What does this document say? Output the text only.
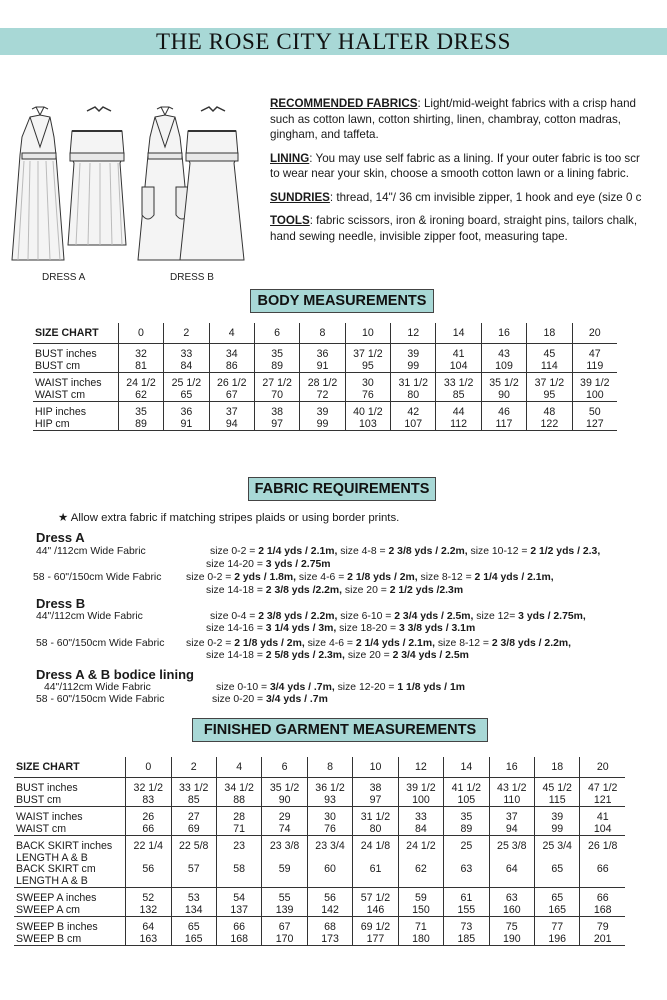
THE ROSE CITY HALTER DRESS
DRESS A	DRESS B

RECOMMENDED FABRICS: Light/mid-weight fabrics with a crisp hand
such as cotton lawn, cotton shirting, linen, chambray, cotton madras,
gingham, and taffeta.

LINING: You may use self fabric as a lining. If your outer fabric is too scr
to wear near your skin, choose a smooth cotton lawn or a lining fabric.

SUNDRIES: thread, 14"/ 36 cm invisible zipper, 1 hook and eye (size 0 c

TOOLS: fabric scissors, iron & ironing board, straight pins, tailors chalk,
hand sewing needle, invisible zipper foot, measuring tape.

BODY MEASUREMENTS
SIZE CHART	0	2	4	6	8	10	12	14	16	18	20

BUST inches	32	33	34	35	36	37 1/2	39	41	43	45	47
BUST cm	81	84	86	89	91	95	99	104	109	114	119

WAIST inches	24 1/2	25 1/2	26 1/2	27 1/2	28 1/2	30	31 1/2	33 1/2	35 1/2	37 1/2	39 1/2
WAIST cm	62	65	67	70	72	76	80	85	90	95	100

HIP inches	35	36	37	38	39	40 1/2	42	44	46	48	50
HIP cm	89	91	94	97	99	103	107	112	117	122	127
FABRIC REQUIREMENTS
★ Allow extra fabric if matching stripes plaids or using border prints.
Dress A
44" /112cm Wide Fabric	size 0-2 = 2 1/4 yds / 2.1m, size 4-8 = 2 3/8 yds / 2.2m, size 10-12 = 2 1/2 yds / 2.3,
size 14-20 = 3 yds / 2.75m
58 - 60"/150cm Wide Fabric size 0-2 = 2 yds / 1.8m, size 4-6 = 2 1/8 yds / 2m, size 8-12 = 2 1/4 yds / 2.1m,
size 14-18 = 2 3/8 yds /2.2m, size 20 = 2 1/2 yds /2.3m
Dress B
44"/112cm Wide Fabric	size 0-4 = 2 3/8 yds / 2.2m, size 6-10 = 2 3/4 yds / 2.5m, size 12= 3 yds / 2.75m,
size 14-16 = 3 1/4 yds / 3m, size 18-20 = 3 3/8 yds / 3.1m
58 - 60"/150cm Wide Fabric size 0-2 = 2 1/8 yds / 2m, size 4-6 = 2 1/4 yds / 2.1m, size 8-12 = 2 3/8 yds / 2.2m,
size 14-18 = 2 5/8 yds / 2.3m, size 20 = 2 3/4 yds / 2.5m
Dress A & B bodice lining
44"/112cm Wide Fabric	size 0-10 = 3/4 yds / .7m, size 12-20 = 1 1/8 yds / 1m
58 - 60"/150cm Wide Fabric	size 0-20 = 3/4 yds / .7m
FINISHED GARMENT MEASUREMENTS
SIZE CHART	0	2	4	6	8	10	12	14	16	18	20

BUST inches	32 1/2	33 1/2	34 1/2	35 1/2	36 1/2	38	39 1/2	41 1/2	43 1/2	45 1/2	47 1/2
BUST cm	83	85	88	90	93	97	100	105	110	115	121

WAIST inches	26	27	28	29	30	31 1/2	33	35	37	39	41
WAIST cm	66	69	71	74	76	80	84	89	94	99	104

BACK SKIRT inches	22 1/4	22 5/8	23	23 3/8	23 3/4	24 1/8	24 1/2	25	25 3/8	25 3/4	26 1/8
LENGTH A & B											
BACK SKIRT cm	56	57	58	59	60	61	62	63	64	65	66
LENGTH A & B											

SWEEP A inches	52	53	54	55	56	57 1/2	59	61	63	65	66
SWEEP A cm	132	134	137	139	142	146	150	155	160	165	168

SWEEP B inches	64	65	66	67	68	69 1/2	71	73	75	77	79
SWEEP B cm	163	165	168	170	173	177	180	185	190	196	201
